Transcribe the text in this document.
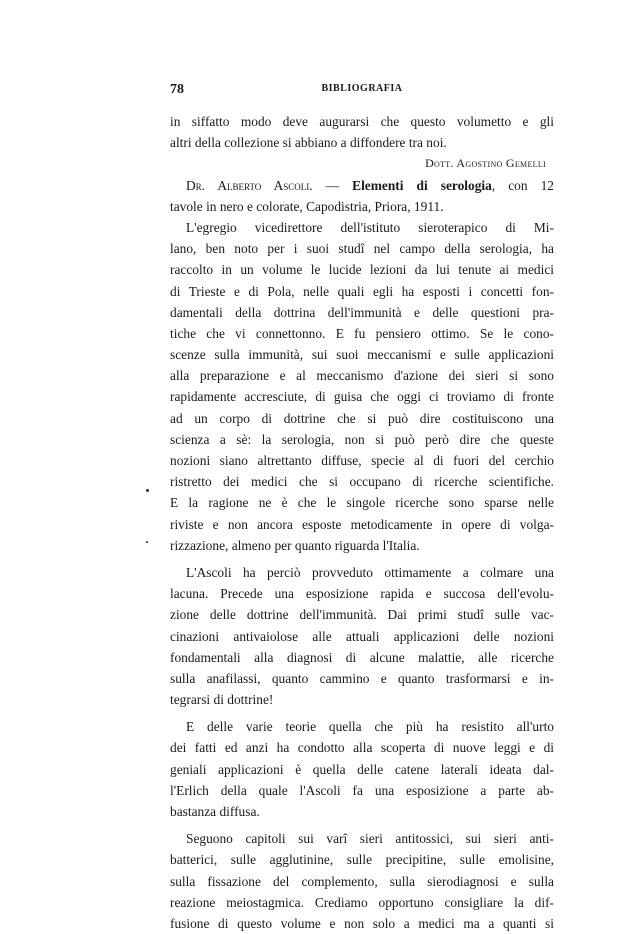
78	BIBLIOGRAFIA
in siffatto modo deve augurarsi che questo volumetto e gli
altri della collezione si abbiano a diffondere tra noi.
Dott. Agostino Gemelli
Dr. Alberto Ascoli. — Elementi di serologia, con 12
tavole in nero e colorate, Capodistria, Priora, 1911.
L'egregio vicedirettore dell'istituto sieroterapico di Mi-
lano, ben noto per i suoi studî nel campo della serologia, ha
raccolto in un volume le lucide lezioni da lui tenute ai medici
di Trieste e di Pola, nelle quali egli ha esposti i concetti fon-
damentali della dottrina dell'immunità e delle questioni pra-
tiche che vi connettonno. E fu pensiero ottimo. Se le cono-
scenze sulla immunità, sui suoi meccanismi e sulle applicazioni
alla preparazione e al meccanismo d'azione dei sieri si sono
rapidamente accresciute, di guisa che oggi ci troviamo di fronte
ad un corpo di dottrine che si può dire costituiscono una
scienza a sè: la serologia, non si può però dire che queste
nozioni siano altrettanto diffuse, specie al di fuori del cerchio
ristretto dei medici che si occupano di ricerche scientifiche.
E la ragione ne è che le singole ricerche sono sparse nelle
riviste e non ancora esposte metodicamente in opere di volga-
rizzazione, almeno per quanto riguarda l'Italia.
L'Ascoli ha perciò provveduto ottimamente a colmare una
lacuna. Precede una esposizione rapida e succosa dell'evolu-
zione delle dottrine dell'immunità. Dai primi studî sulle vac-
cinazioni antivaiolose alle attuali applicazioni delle nozioni
fondamentali alla diagnosi di alcune malattie, alle ricerche
sulla anafilassi, quanto cammino e quanto trasformarsi e in-
tegrarsi di dottrine!
E delle varie teorie quella che più ha resistito all'urto
dei fatti ed anzi ha condotto alla scoperta di nuove leggi e di
geniali applicazioni è quella delle catene laterali ideata dal-
l'Erlich della quale l'Ascoli fa una esposizione a parte ab-
bastanza diffusa.
Seguono capitoli sui varî sieri antitossici, sui sieri anti-
batterici, sulle agglutinine, sulle precipitine, sulle emolisine,
sulla fissazione del complemento, sulla sierodiagnosi e sulla
reazione meiostagmica. Crediamo opportuno consigliare la dif-
fusione di questo volume e non solo a medici ma a quanti si
